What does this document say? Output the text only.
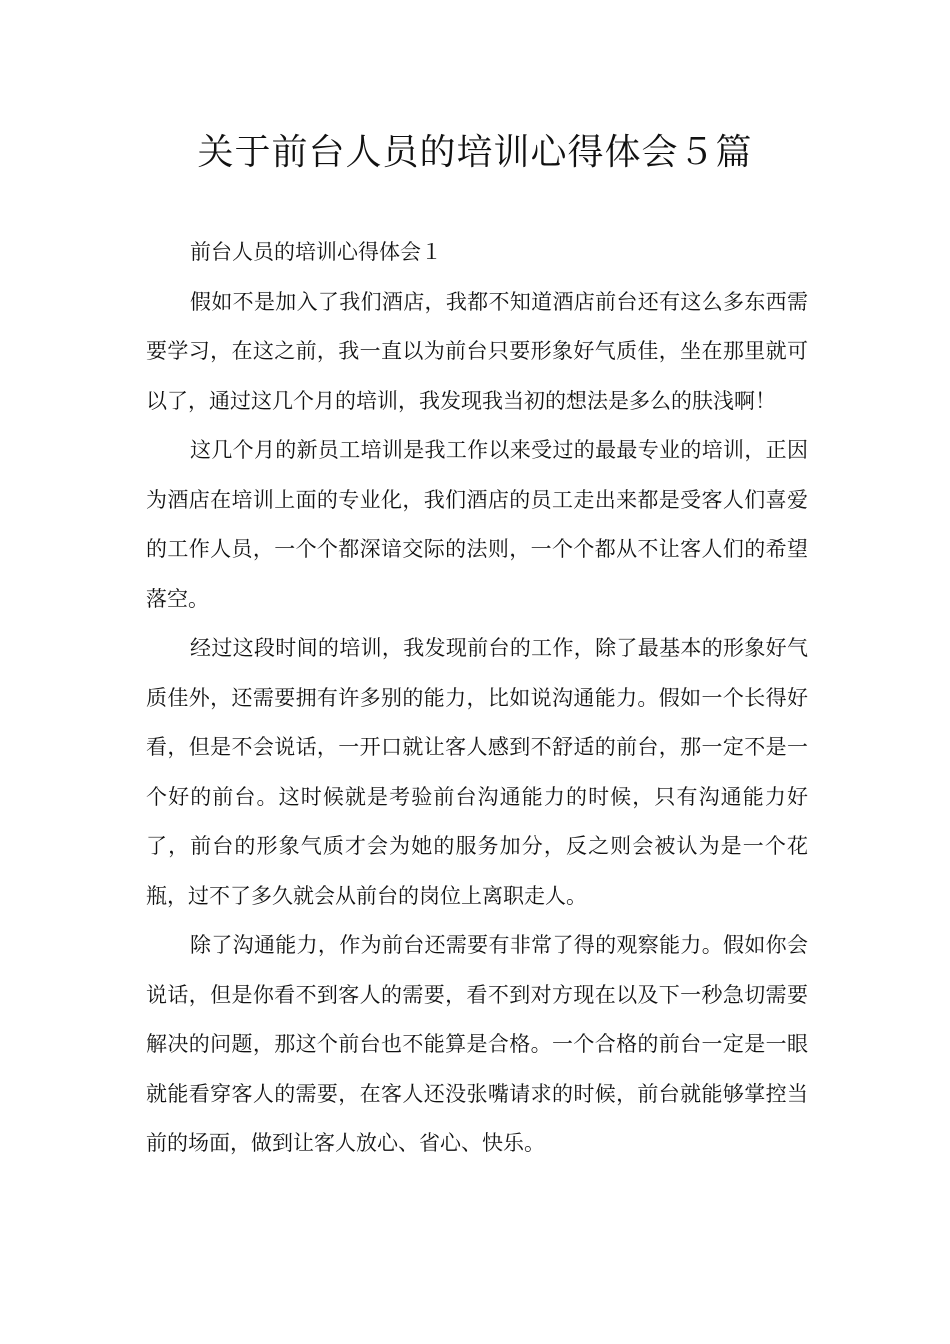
关于前台人员的培训心得体会５篇

前台人员的培训心得体会１

假如不是加入了我们酒店，我都不知道酒店前台还有这么多东西需要学习，在这之前，我一直以为前台只要形象好气质佳，坐在那里就可以了，通过这几个月的培训，我发现我当初的想法是多么的肤浅啊！

这几个月的新员工培训是我工作以来受过的最最专业的培训，正因为酒店在培训上面的专业化，我们酒店的员工走出来都是受客人们喜爱的工作人员，一个个都深谙交际的法则，一个个都从不让客人们的希望落空。

经过这段时间的培训，我发现前台的工作，除了最基本的形象好气质佳外，还需要拥有许多别的能力，比如说沟通能力。假如一个长得好看，但是不会说话，一开口就让客人感到不舒适的前台，那一定不是一个好的前台。这时候就是考验前台沟通能力的时候，只有沟通能力好了，前台的形象气质才会为她的服务加分，反之则会被认为是一个花瓶，过不了多久就会从前台的岗位上离职走人。

除了沟通能力，作为前台还需要有非常了得的观察能力。假如你会说话，但是你看不到客人的需要，看不到对方现在以及下一秒急切需要解决的问题，那这个前台也不能算是合格。一个合格的前台一定是一眼就能看穿客人的需要，在客人还没张嘴请求的时候，前台就能够掌控当前的场面，做到让客人放心、省心、快乐。
